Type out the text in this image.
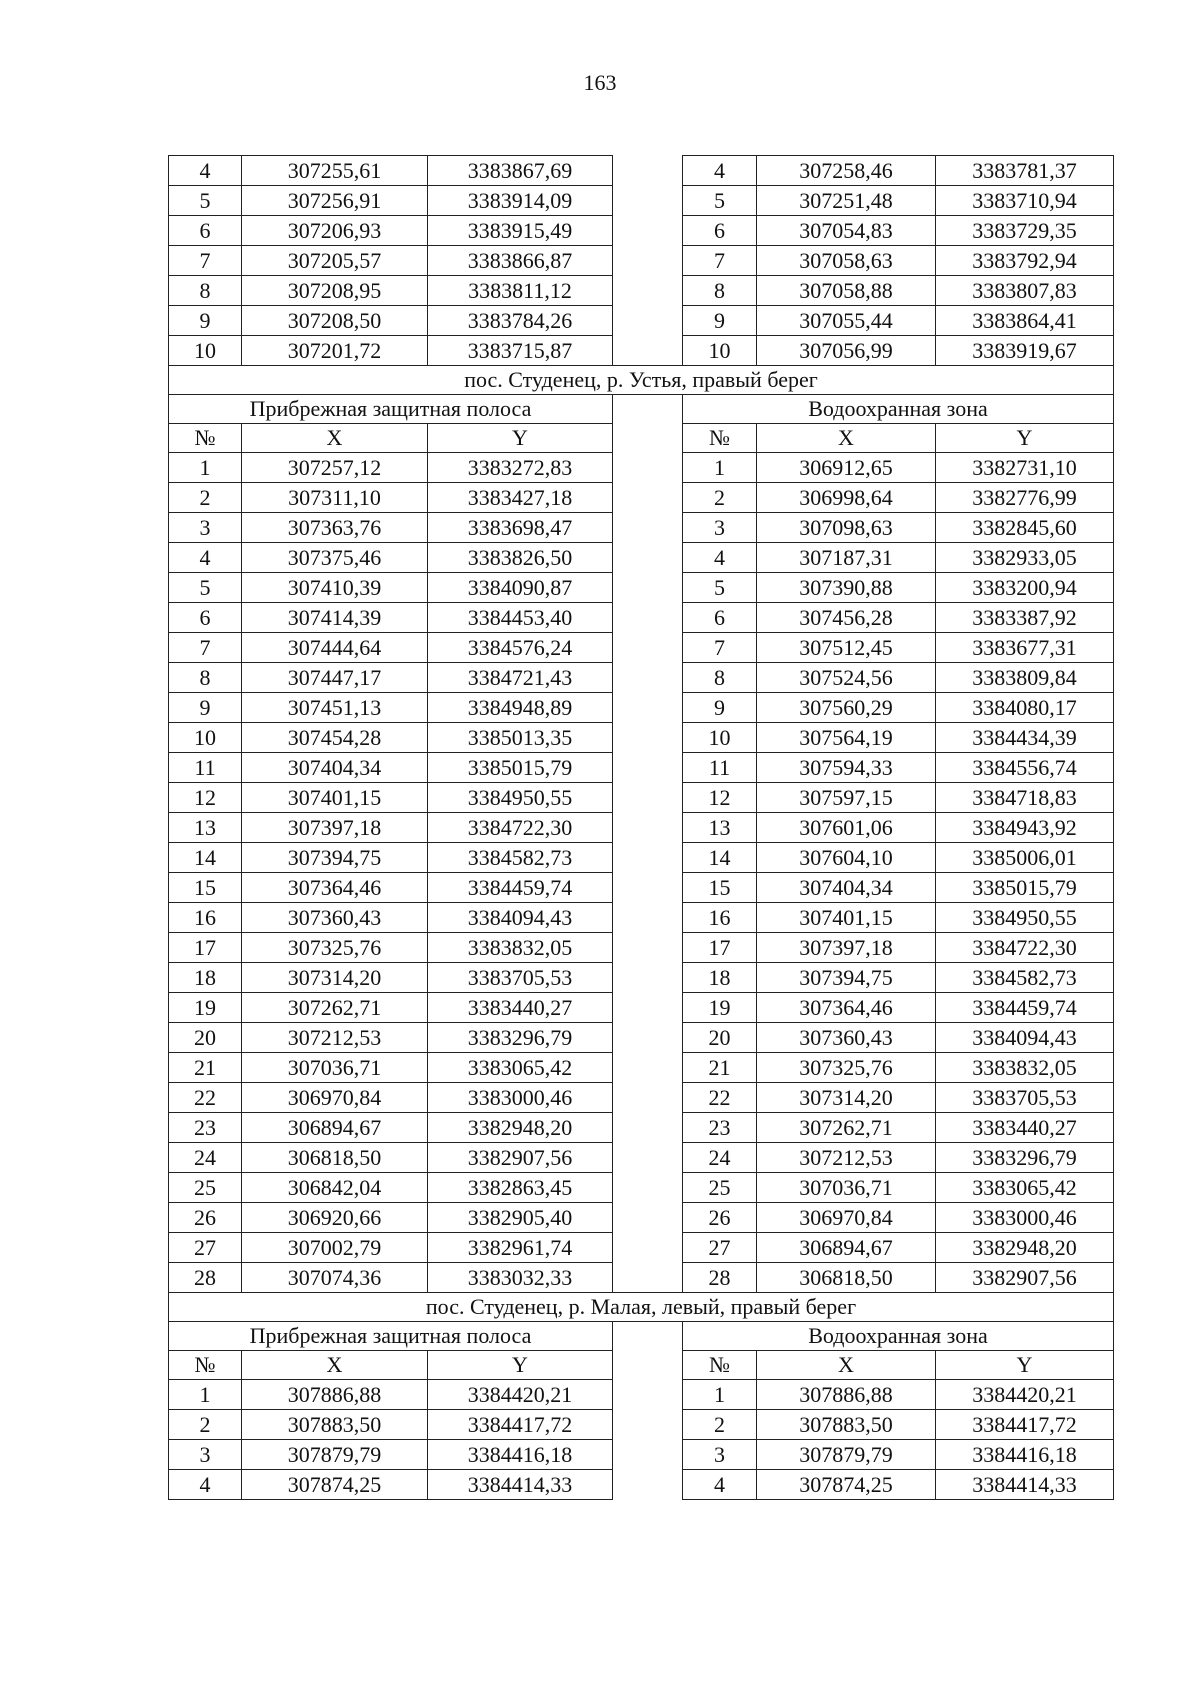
163
4	307255,61	3383867,69		4	307258,46	3383781,37
5	307256,91	3383914,09		5	307251,48	3383710,94
6	307206,93	3383915,49		6	307054,83	3383729,35
7	307205,57	3383866,87		7	307058,63	3383792,94
8	307208,95	3383811,12		8	307058,88	3383807,83
9	307208,50	3383784,26		9	307055,44	3383864,41
10	307201,72	3383715,87		10	307056,99	3383919,67
пос. Студенец, р. Устья, правый берег						
Прибрежная защитная полоса				Водоохранная зона		
№	X	Y		№	X	Y
1	307257,12	3383272,83		1	306912,65	3382731,10
2	307311,10	3383427,18		2	306998,64	3382776,99
3	307363,76	3383698,47		3	307098,63	3382845,60
4	307375,46	3383826,50		4	307187,31	3382933,05
5	307410,39	3384090,87		5	307390,88	3383200,94
6	307414,39	3384453,40		6	307456,28	3383387,92
7	307444,64	3384576,24		7	307512,45	3383677,31
8	307447,17	3384721,43		8	307524,56	3383809,84
9	307451,13	3384948,89		9	307560,29	3384080,17
10	307454,28	3385013,35		10	307564,19	3384434,39
11	307404,34	3385015,79		11	307594,33	3384556,74
12	307401,15	3384950,55		12	307597,15	3384718,83
13	307397,18	3384722,30		13	307601,06	3384943,92
14	307394,75	3384582,73		14	307604,10	3385006,01
15	307364,46	3384459,74		15	307404,34	3385015,79
16	307360,43	3384094,43		16	307401,15	3384950,55
17	307325,76	3383832,05		17	307397,18	3384722,30
18	307314,20	3383705,53		18	307394,75	3384582,73
19	307262,71	3383440,27		19	307364,46	3384459,74
20	307212,53	3383296,79		20	307360,43	3384094,43
21	307036,71	3383065,42		21	307325,76	3383832,05
22	306970,84	3383000,46		22	307314,20	3383705,53
23	306894,67	3382948,20		23	307262,71	3383440,27
24	306818,50	3382907,56		24	307212,53	3383296,79
25	306842,04	3382863,45		25	307036,71	3383065,42
26	306920,66	3382905,40		26	306970,84	3383000,46
27	307002,79	3382961,74		27	306894,67	3382948,20
28	307074,36	3383032,33		28	306818,50	3382907,56
пос. Студенец, р. Малая, левый, правый берег						
Прибрежная защитная полоса				Водоохранная зона		
№	X	Y		№	X	Y
1	307886,88	3384420,21		1	307886,88	3384420,21
2	307883,50	3384417,72		2	307883,50	3384417,72
3	307879,79	3384416,18		3	307879,79	3384416,18
4	307874,25	3384414,33		4	307874,25	3384414,33
